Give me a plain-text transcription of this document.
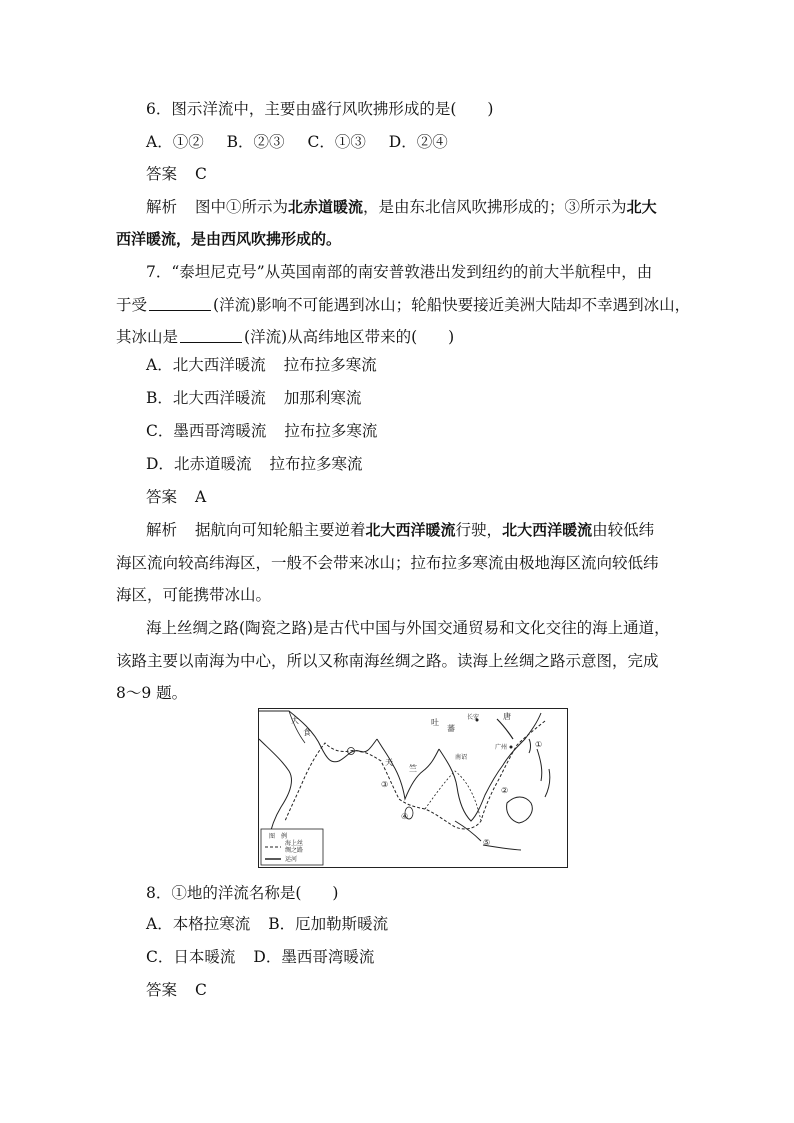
6．图示洋流中，主要由盛行风吹拂形成的是(　　)
A．①② B．②③ C．①③ D．②④
答案 C
解析 图中①所示为北赤道暖流，是由东北信风吹拂形成的；③所示为北大
西洋暖流，是由西风吹拂形成的。
7．“泰坦尼克号”从英国南部的南安普敦港出发到纽约的前大半航程中，由
于受	(洋流)影响不可能遇到冰山；轮船快要接近美洲大陆却不幸遇到冰山，
其冰山是	(洋流)从高纬地区带来的(　　)
A．北大西洋暖流 拉布拉多寒流
B．北大西洋暖流 加那利寒流
C．墨西哥湾暖流 拉布拉多寒流
D．北赤道暖流 拉布拉多寒流
答案 A
解析 据航向可知轮船主要逆着北大西洋暖流行驶，北大西洋暖流由较低纬
海区流向较高纬海区，一般不会带来冰山；拉布拉多寒流由极地海区流向较低纬
海区，可能携带冰山。
海上丝绸之路(陶瓷之路)是古代中国与外国交通贸易和文化交往的海上通道，
该路主要以南海为中心，所以又称南海丝绸之路。读海上丝绸之路示意图，完成
8～9 题。
大
食
吐
蕃
长安	唐
广州
天
竺
南诏
①
②
③
④
⑤
图　例
海上丝
绸之路
运河
8．①地的洋流名称是(　　)
A．本格拉寒流 B．厄加勒斯暖流
C．日本暖流 D．墨西哥湾暖流
答案 C
